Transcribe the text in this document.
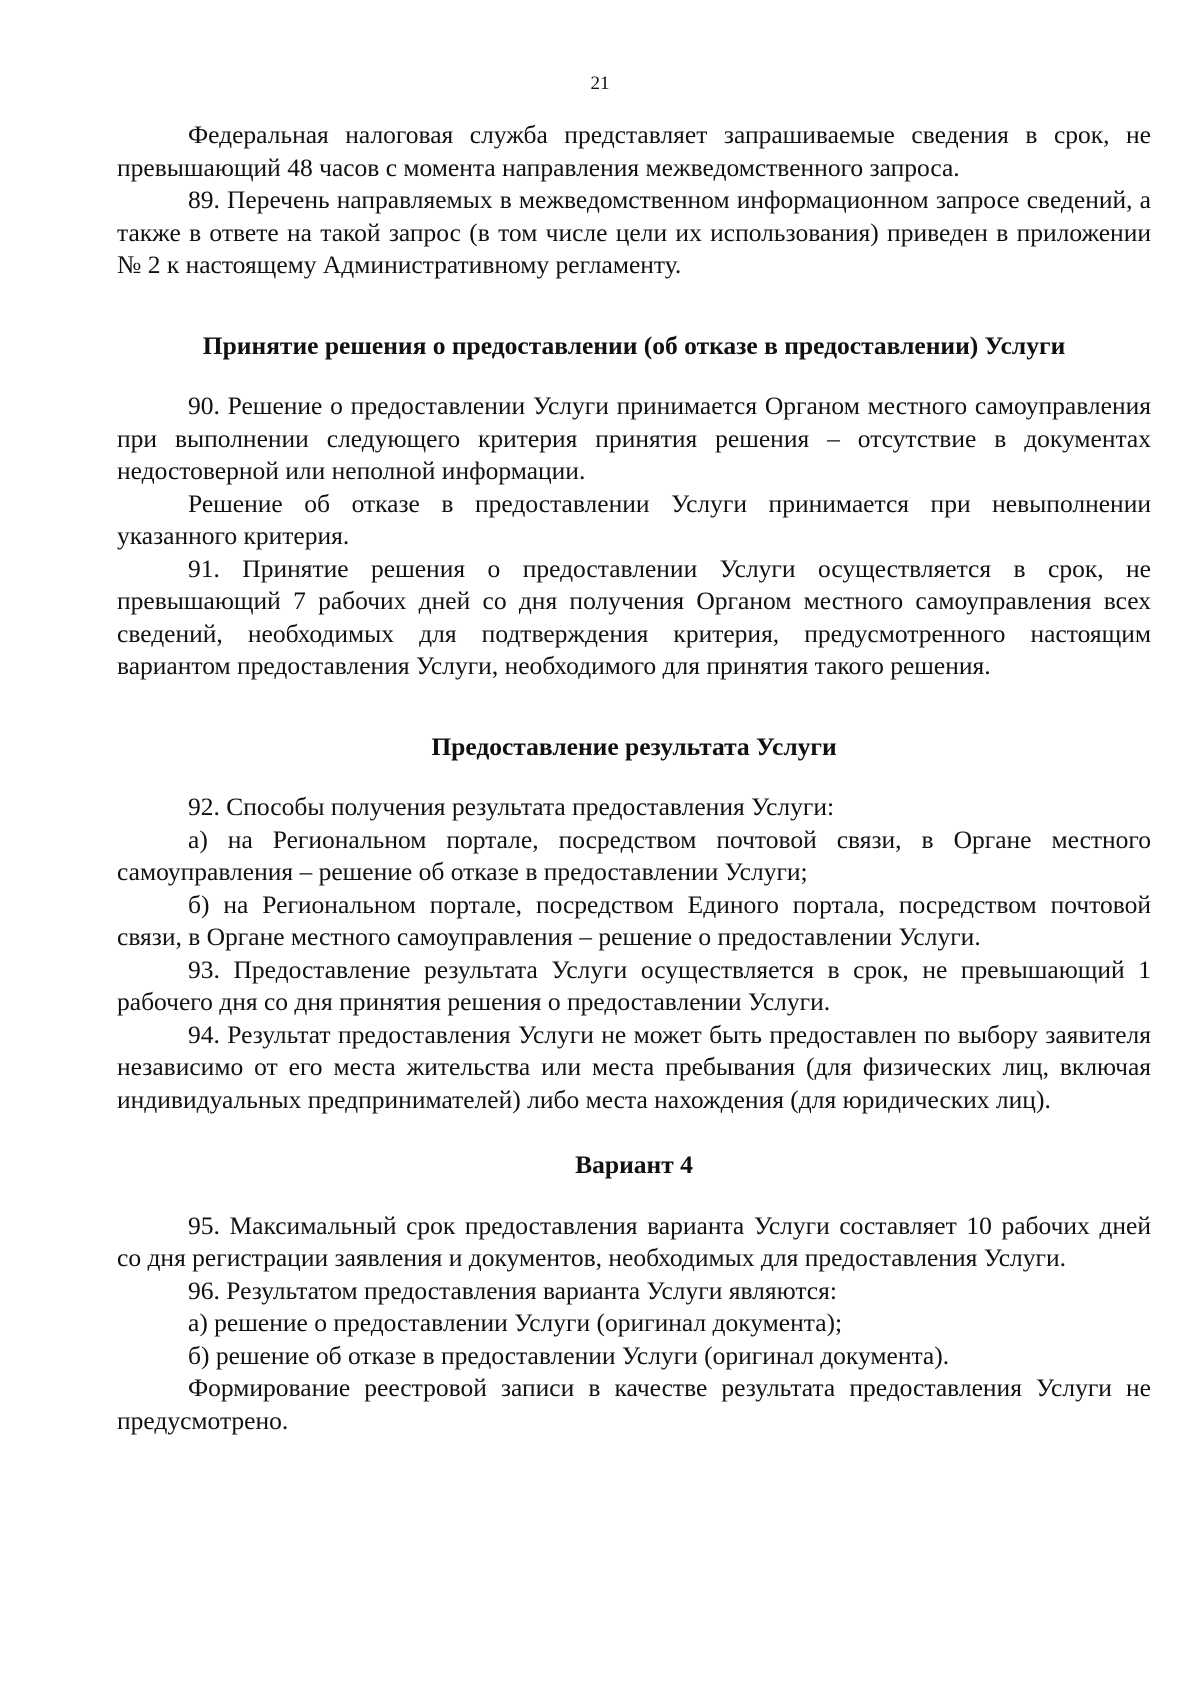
21

Федеральная налоговая служба представляет запрашиваемые сведения в срок, не превышающий 48 часов с момента направления межведомственного запроса.

89. Перечень направляемых в межведомственном информационном запросе сведений, а также в ответе на такой запрос (в том числе цели их использования) приведен в приложении № 2 к настоящему Административному регламенту.

Принятие решения о предоставлении (об отказе в предоставлении) Услуги

90. Решение о предоставлении Услуги принимается Органом местного самоуправления при выполнении следующего критерия принятия решения – отсутствие в документах недостоверной или неполной информации.

Решение об отказе в предоставлении Услуги принимается при невыполнении указанного критерия.

91. Принятие решения о предоставлении Услуги осуществляется в срок, не превышающий 7 рабочих дней со дня получения Органом местного самоуправления всех сведений, необходимых для подтверждения критерия, предусмотренного настоящим вариантом предоставления Услуги, необходимого для принятия такого решения.

Предоставление результата Услуги

92. Способы получения результата предоставления Услуги:

а) на Региональном портале, посредством почтовой связи, в Органе местного самоуправления – решение об отказе в предоставлении Услуги;

б) на Региональном портале, посредством Единого портала, посредством почтовой связи, в Органе местного самоуправления – решение о предоставлении Услуги.

93. Предоставление результата Услуги осуществляется в срок, не превышающий 1 рабочего дня со дня принятия решения о предоставлении Услуги.

94. Результат предоставления Услуги не может быть предоставлен по выбору заявителя независимо от его места жительства или места пребывания (для физических лиц, включая индивидуальных предпринимателей) либо места нахождения (для юридических лиц).

Вариант 4

95. Максимальный срок предоставления варианта Услуги составляет 10 рабочих дней со дня регистрации заявления и документов, необходимых для предоставления Услуги.

96. Результатом предоставления варианта Услуги являются:

а) решение о предоставлении Услуги (оригинал документа);

б) решение об отказе в предоставлении Услуги (оригинал документа).

Формирование реестровой записи в качестве результата предоставления Услуги не предусмотрено.
